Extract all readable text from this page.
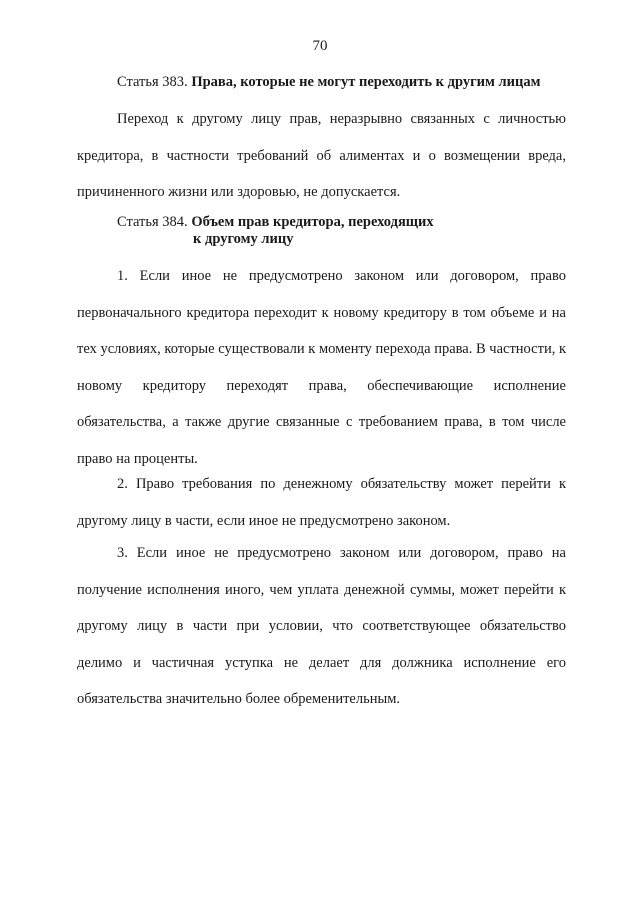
70
Статья 383. Права, которые не могут переходить к другим лицам

Переход к другому лицу прав, неразрывно связанных с личностью кредитора, в частности требований об алиментах и о возмещении вреда, причиненного жизни или здоровью, не допускается.

Статья 384. Объем прав кредитора, переходящих
к другому лицу

1. Если иное не предусмотрено законом или договором, право первоначального кредитора переходит к новому кредитору в том объеме и на тех условиях, которые существовали к моменту перехода права. В частности, к новому кредитору переходят права, обеспечивающие исполнение обязательства, а также другие связанные с требованием права, в том числе право на проценты.

2. Право требования по денежному обязательству может перейти к другому лицу в части, если иное не предусмотрено законом.

3. Если иное не предусмотрено законом или договором, право на получение исполнения иного, чем уплата денежной суммы, может перейти к другому лицу в части при условии, что соответствующее обязательство делимо и частичная уступка не делает для должника исполнение его обязательства значительно более обременительным.
